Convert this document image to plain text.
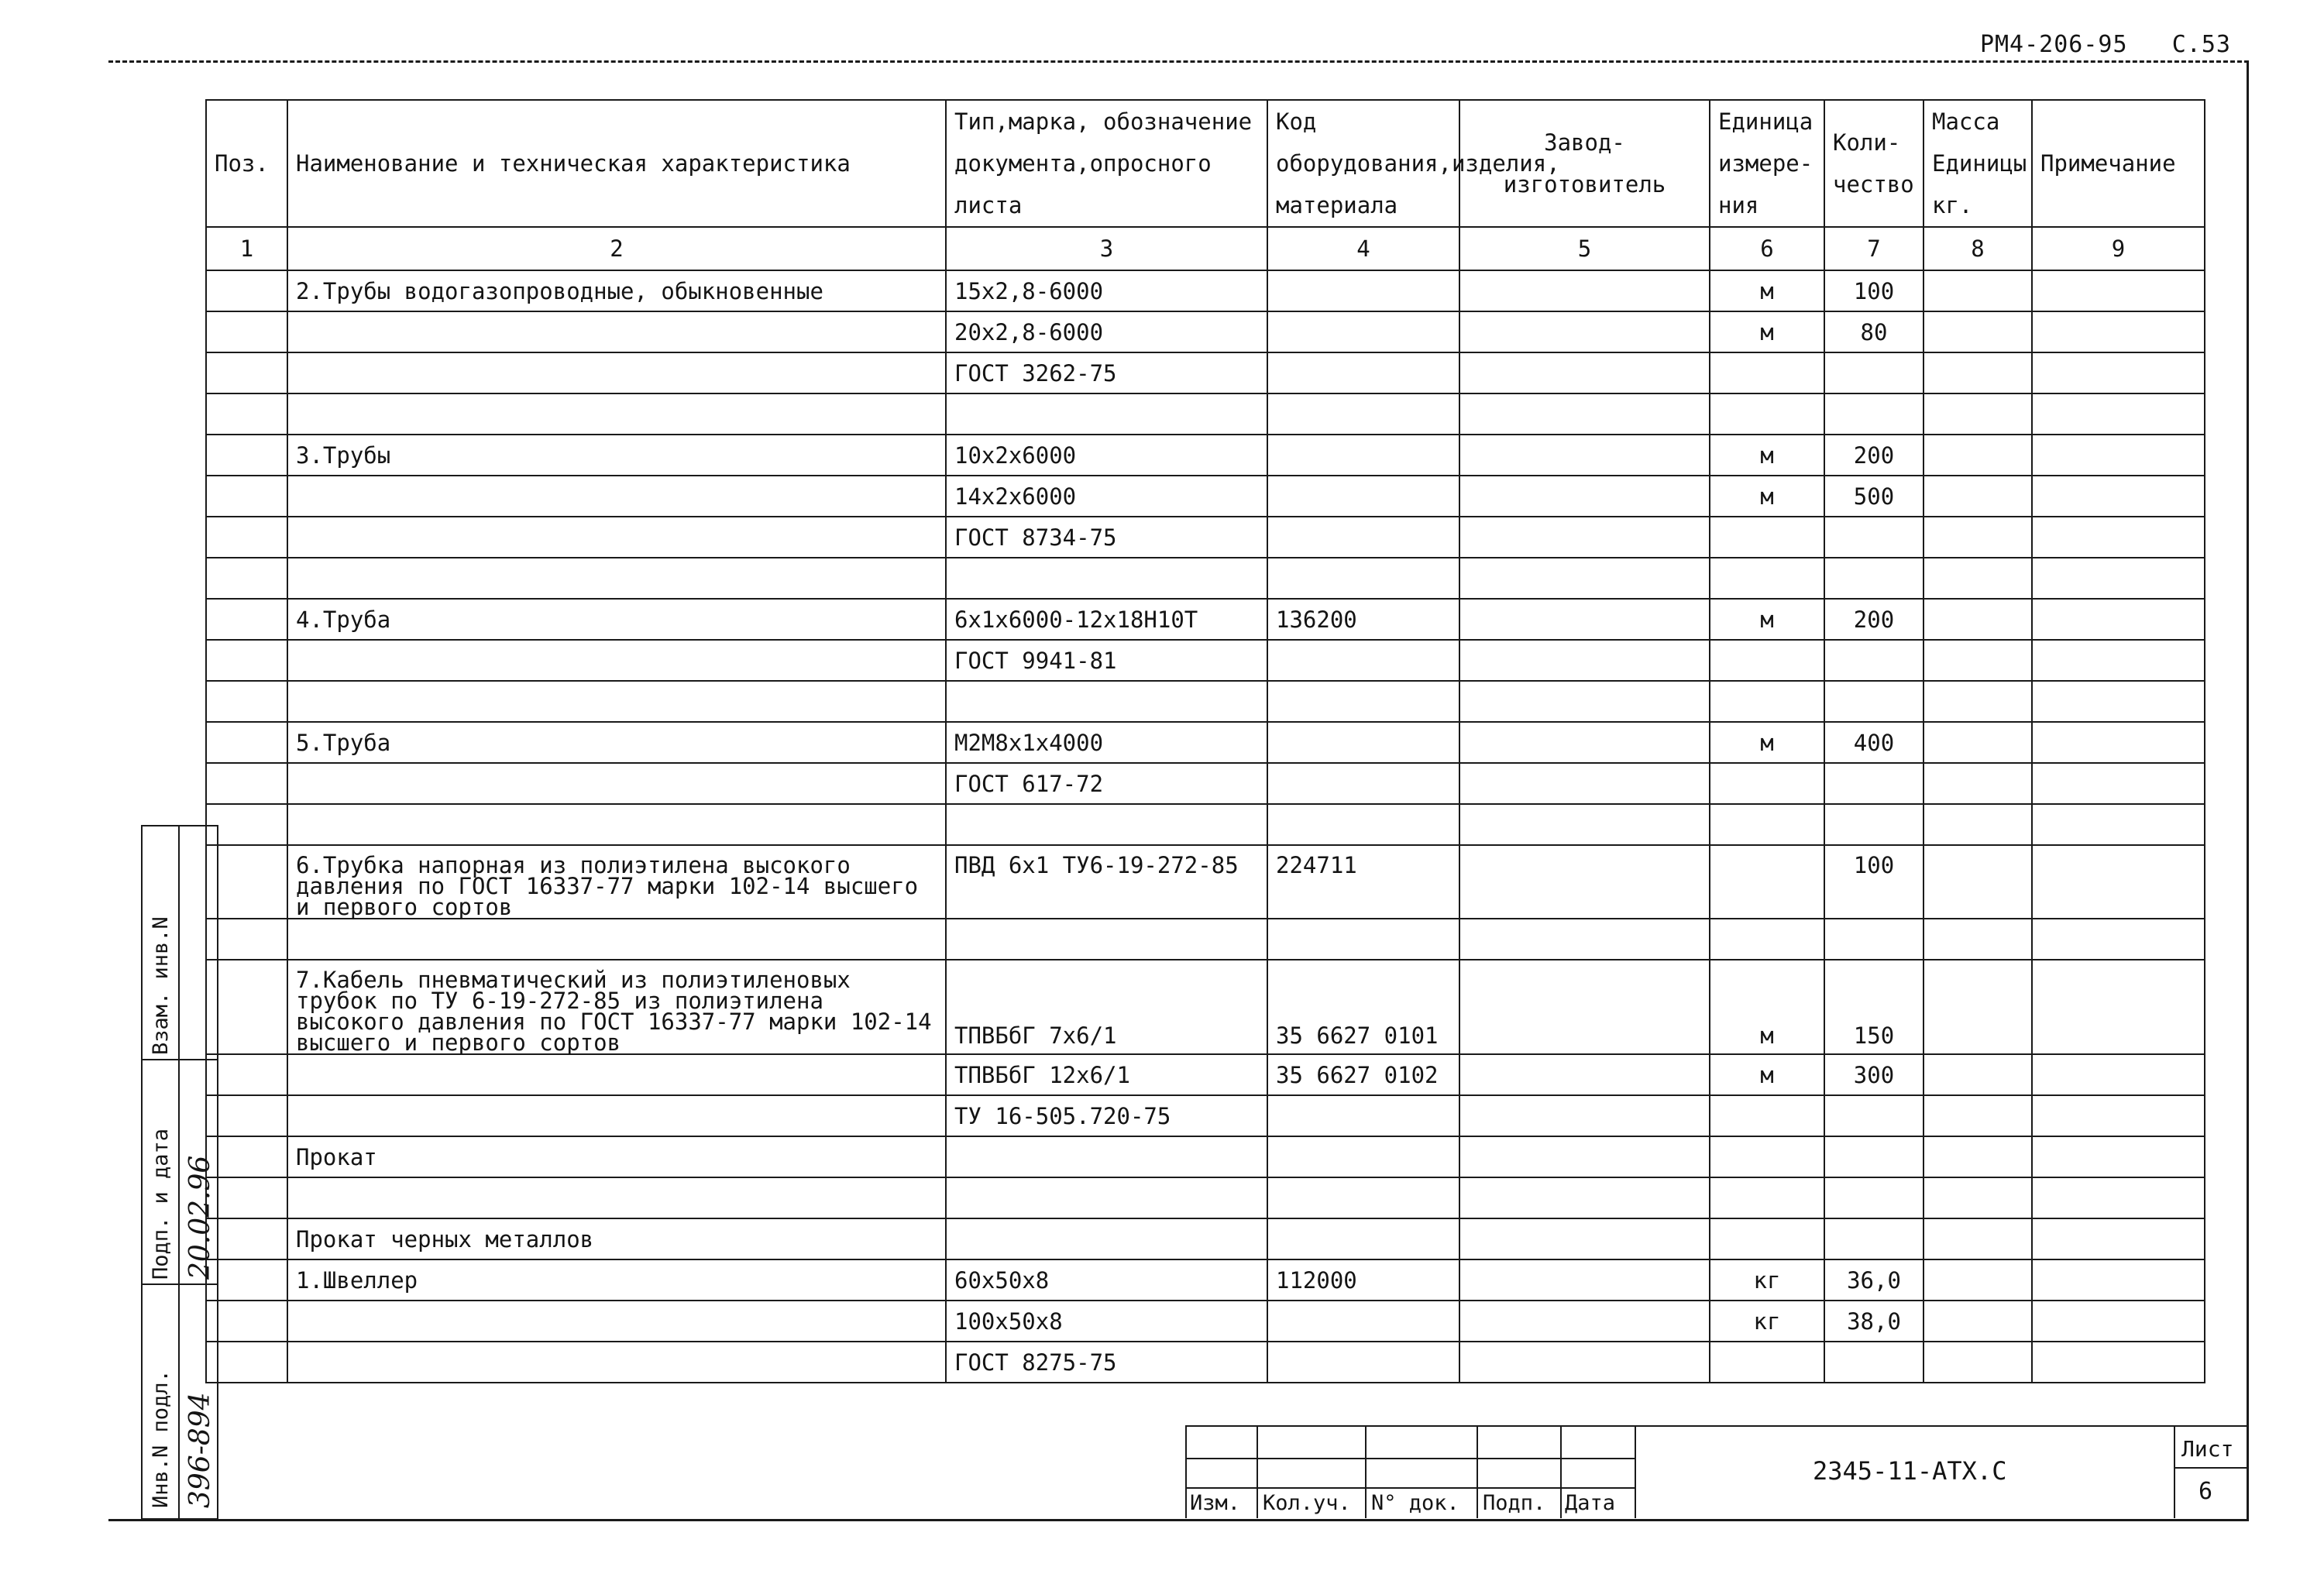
РМ4-206-95 С.53
Поз.	Наименование и техническая характеристика	Тип,марка, обозначение документа,опросного листа	Код оборудования,изделия, материала	Завод- изготовитель	Единица измере- ния	Коли- чество	Масса Единицы кг.	Примечание
1	2	3	4	5	6	7	8	9
	2.Трубы водогазопроводные, обыкновенные	15х2,8-6000			м	100		
		20х2,8-6000			м	80		
		ГОСТ 3262-75						

	3.Трубы	10х2х6000			м	200		
		14х2х6000			м	500		
		ГОСТ 8734-75						

	4.Труба	6х1х6000-12х18Н10Т	136200		м	200		
		ГОСТ 9941-81						

	5.Труба	М2М8х1х4000			м	400		
		ГОСТ 617-72						

	6.Трубка напорная из полиэтилена высокого давления по ГОСТ 16337-77 марки 102-14 высшего и первого сортов	ПВД 6х1 ТУ6-19-272-85	224711			100		

	7.Кабель пневматический из полиэтиленовых трубок по ТУ 6-19-272-85 из полиэтилена высокого давления по ГОСТ 16337-77 марки 102-14 высшего и первого сортов	ТПВБбГ 7х6/1	35 6627 0101		м	150		
		ТПВБбГ 12х6/1	35 6627 0102		м	300		
		ТУ 16-505.720-75						
	Прокат							

	Прокат черных металлов							
	1.Швеллер	60х50х8	112000		кг	36,0		
		100х50х8			кг	38,0		
		ГОСТ 8275-75						
Инв.N подл. 396-894
Подп. и дата 20.02.96
Взам. инв.N
Изм. Кол.уч. N° док. Подп. Дата
Лист
6
2345-11-АТХ.С
